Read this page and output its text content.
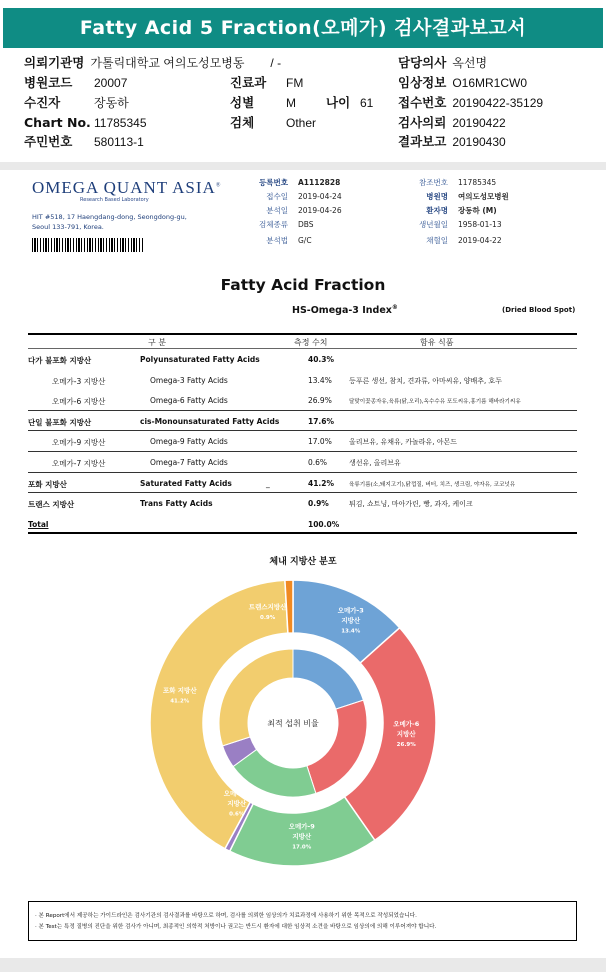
Fatty Acid 5 Fraction(오메가) 검사결과보고서
의뢰기관명 가톨릭대학교 여의도성모병동 / -	담당의사 옥선명
병원코드 20007	진료과 FM	임상정보 O16MR1CW0
수진자	장동하	성별	M 나이 61 접수번호 20190422-35129
Chart No. 11785345	검체	Other	검사의뢰 20190422
주민번호 580113-1	결과보고 20190430
OMEGA QUANT ASIA®
Research Based Laboratory
HIT #518, 17 Haengdang-dong, Seongdong-gu,
Seoul 133-791, Korea.
등록번호 A1112828
접수일 2019-04-24
분석일 2019-04-26
검체종류 DBS
분석법 G/C
참조번호 11785345
병원명 여의도성모병원
환자명 장동하 (M)
생년월일 1958-01-13
채혈일 2019-04-22
Fatty Acid Fraction
HS-Omega-3 Index®	(Dried Blood Spot)
구 분	측정 수치	함유 식품
다가 불포화 지방산	Polyunsaturated Fatty Acids	40.3%
오메가-3 지방산	Omega-3 Fatty Acids	13.4% 등푸른 생선, 참치, 견과류, 아마씨유, 양배추, 호두
오메가-6 지방산	Omega-6 Fatty Acids	26.9%	달맞이꽃종자유,육류(닭,오리),옥수수유 포도씨유,홍기름 해바라기씨유
단일 불포화 지방산	cis-Monounsaturated Fatty Acids	17.6%
오메가-9 지방산	Omega-9 Fatty Acids	17.0% 올리브유, 유채유, 카놀라유, 아몬드
오메가-7 지방산	Omega-7 Fatty Acids	0.6%	생선유, 올리브유
포화 지방산	Saturated Fatty Acids	_	41.2%	육류기름(소,돼지고기),닭껍질, 버터, 치즈, 생크림, 야자유, 코코넛유
트랜스 지방산	Trans Fatty Acids	0.9%	튀김, 쇼트닝, 마아가린, 빵, 과자, 케이크
Total	100.0%
체내 지방산 분포
최적 섭취 비율
오메가-3 지방산 13.4%
오메가-6 지방산 26.9%
오메가-9 지방산 17.0%
오메가-7 지방산 0.6%
포화 지방산 41.2%
트랜스지방산 0.9%
· 본 Report에서 제공하는 가이드라인은 검사기관의 검사결과를 바탕으로 하며, 검사를 의뢰한 임상의가 치료과정에 사용하기 위한 목적으로 작성되었습니다.
· 본 Test는 특정 질병의 진단을 위한 검사가 아니며, 최종적인 의학적 처방이나 권고는 반드시 환자에 대한 임상적 소견을 바탕으로 임상의에 의해 이루어져야 합니다.
